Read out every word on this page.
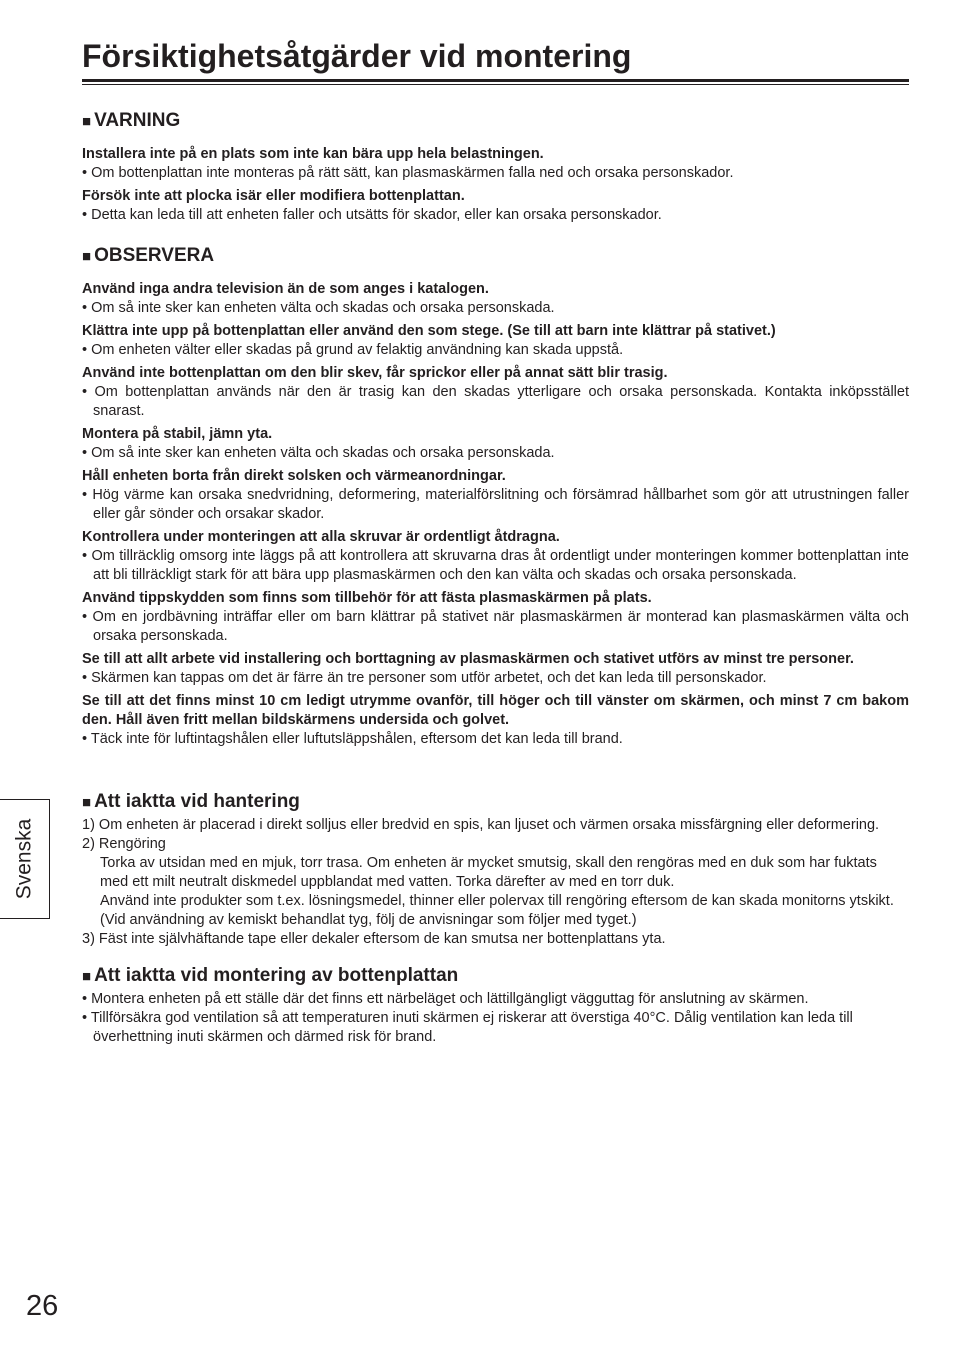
Försiktighetsåtgärder vid montering
■ VARNING

Installera inte på en plats som inte kan bära upp hela belastningen.

• Om bottenplattan inte monteras på rätt sätt, kan plasmaskärmen falla ned och orsaka personskador.

Försök inte att plocka isär eller modifiera bottenplattan.

• Detta kan leda till att enheten faller och utsätts för skador, eller kan orsaka personskador.

■ OBSERVERA

Använd inga andra television än de som anges i katalogen.

• Om så inte sker kan enheten välta och skadas och orsaka personskada.

Klättra inte upp på bottenplattan eller använd den som stege. (Se till att barn inte klättrar på stativet.)

• Om enheten välter eller skadas på grund av felaktig användning kan skada uppstå.

Använd inte bottenplattan om den blir skev, får sprickor eller på annat sätt blir trasig.

• Om bottenplattan används när den är trasig kan den skadas ytterligare och orsaka personskada. Kontakta inköpsstället snarast.

Montera på stabil, jämn yta.

• Om så inte sker kan enheten välta och skadas och orsaka personskada.

Håll enheten borta från direkt solsken och värmeanordningar.

• Hög värme kan orsaka snedvridning, deformering, materialförslitning och försämrad hållbarhet som gör att utrustningen faller eller går sönder och orsakar skador.

Kontrollera under monteringen att alla skruvar är ordentligt åtdragna.

• Om tillräcklig omsorg inte läggs på att kontrollera att skruvarna dras åt ordentligt under monteringen kommer bottenplattan inte att bli tillräckligt stark för att bära upp plasmaskärmen och den kan välta och skadas och orsaka personskada.

Använd tippskydden som finns som tillbehör för att fästa plasmaskärmen på plats.

• Om en jordbävning inträffar eller om barn klättrar på stativet när plasmaskärmen är monterad kan plasmaskärmen välta och orsaka personskada.

Se till att allt arbete vid installering och borttagning av plasmaskärmen och stativet utförs av minst tre personer.

• Skärmen kan tappas om det är färre än tre personer som utför arbetet, och det kan leda till personskador.

Se till att det finns minst 10 cm ledigt utrymme ovanför, till höger och till vänster om skärmen, och minst 7 cm bakom den. Håll även fritt mellan bildskärmens undersida och golvet.

• Täck inte för luftintagshålen eller luftutsläppshålen, eftersom det kan leda till brand.

■ Att iaktta vid hantering

1) Om enheten är placerad i direkt solljus eller bredvid en spis, kan ljuset och värmen orsaka missfärgning eller deformering.

2) Rengöring

Torka av utsidan med en mjuk, torr trasa. Om enheten är mycket smutsig, skall den rengöras med en duk som har fuktats med ett milt neutralt diskmedel uppblandat med vatten. Torka därefter av med en torr duk.

Använd inte produkter som t.ex. lösningsmedel, thinner eller polervax till rengöring eftersom de kan skada monitorns ytskikt.

(Vid användning av kemiskt behandlat tyg, följ de anvisningar som följer med tyget.)

3) Fäst inte självhäftande tape eller dekaler eftersom de kan smutsa ner bottenplattans yta.

■ Att iaktta vid montering av bottenplattan

• Montera enheten på ett ställe där det finns ett närbeläget och lättillgängligt vägguttag för anslutning av skärmen.

• Tillförsäkra god ventilation så att temperaturen inuti skärmen ej riskerar att överstiga 40°C. Dålig ventilation kan leda till överhettning inuti skärmen och därmed risk för brand.

Svenska
26
